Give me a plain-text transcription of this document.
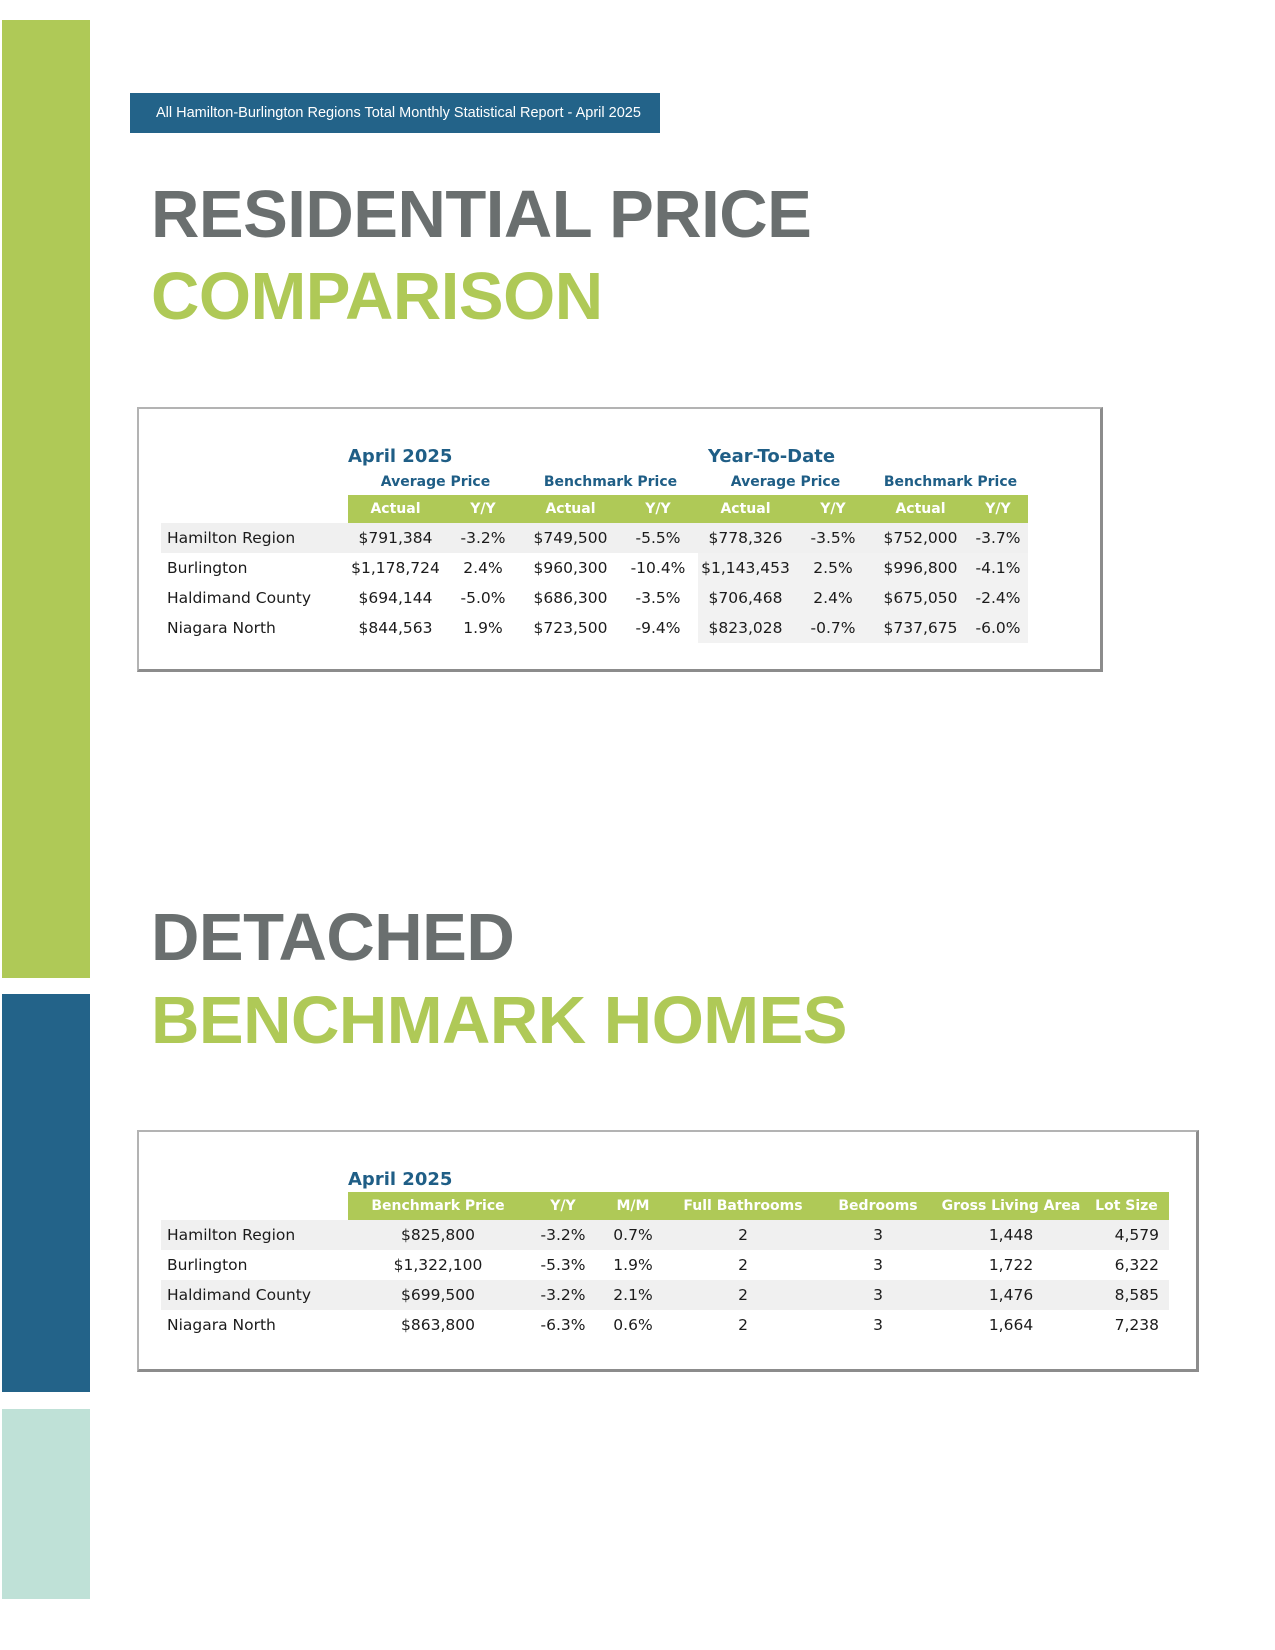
All Hamilton-Burlington Regions Total Monthly Statistical Report - April 2025
RESIDENTIAL PRICE
COMPARISON
	April 2025				Year-To-Date			
	Average Price		Benchmark Price		Average Price		Benchmark Price	
	Actual	Y/Y	Actual	Y/Y	Actual	Y/Y	Actual	Y/Y
Hamilton Region	$791,384	-3.2%	$749,500	-5.5%	$778,326	-3.5%	$752,000	-3.7%
Burlington	$1,178,724	2.4%	$960,300	-10.4%	$1,143,453	2.5%	$996,800	-4.1%
Haldimand County	$694,144	-5.0%	$686,300	-3.5%	$706,468	2.4%	$675,050	-2.4%
Niagara North	$844,563	1.9%	$723,500	-9.4%	$823,028	-0.7%	$737,675	-6.0%
DETACHED
BENCHMARK HOMES
	April 2025						
	Benchmark Price	Y/Y	M/M	Full Bathrooms	Bedrooms	Gross Living Area	Lot Size
Hamilton Region	$825,800	-3.2%	0.7%	2	3	1,448	4,579
Burlington	$1,322,100	-5.3%	1.9%	2	3	1,722	6,322
Haldimand County	$699,500	-3.2%	2.1%	2	3	1,476	8,585
Niagara North	$863,800	-6.3%	0.6%	2	3	1,664	7,238
